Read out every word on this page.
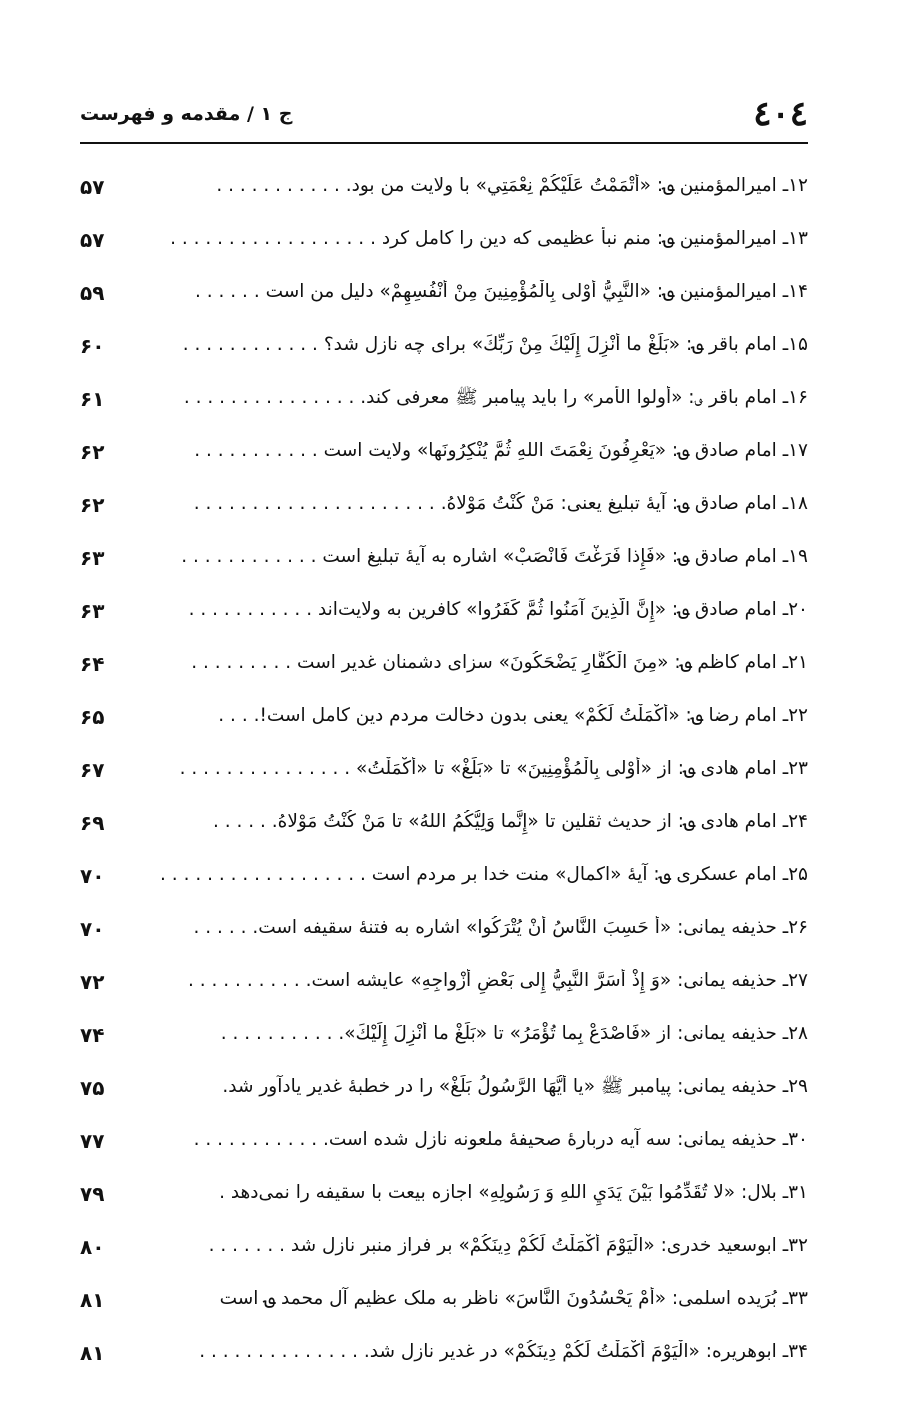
٤٠٤
ج ۱ / مقدمه و فهرست
۱۲ـ امیرالمؤمنین ؈: «أَتْمَمْتُ عَلَيْكُمْ نِعْمَتِي» با ولایت من بود. . . . . . . . . . . .
۵۷
۱۳ـ امیرالمؤمنین ؈: منم نبأ عظیمی که دین را کامل کرد . . . . . . . . . . . . . . . . . .
۵۷
۱۴ـ امیرالمؤمنین ؈: «النَّبِيُّ أَوْلى بِالْمُؤْمِنِينَ مِنْ أَنْفُسِهِمْ» دلیل من است . . . . . .
۵۹
۱۵ـ امام باقر ؈: «بَلِّغْ ما أُنْزِلَ إِلَيْكَ مِنْ رَبِّكَ» برای چه نازل شد؟ . . . . . . . . . . . .
۶۰
۱۶ـ امام باقر ؈: «أولوا الأمر» را باید پیامبر ﷺ معرفی کند. . . . . . . . . . . . . . . .
۶۱
۱۷ـ امام صادق ؈: «يَعْرِفُونَ نِعْمَتَ اللهِ ثُمَّ يُنْكِرُونَها» ولایت است . . . . . . . . . . .
۶۲
۱۸ـ امام صادق ؈: آیهٔ تبلیغ یعنی: مَنْ كُنْتُ مَوْلاهُ. . . . . . . . . . . . . . . . . . . . . .
۶۲
۱۹ـ امام صادق ؈: «فَإِذا فَرَغْتَ فَانْصَبْ» اشاره به آیهٔ تبلیغ است . . . . . . . . . . . .
۶۳
۲۰ـ امام صادق ؈: «إِنَّ الَّذِينَ آمَنُوا ثُمَّ كَفَرُوا» کافرین به ولایت‌اند . . . . . . . . . . .
۶۳
۲۱ـ امام کاظم ؈: «مِنَ الْكُفَّارِ يَضْحَكُونَ» سزای دشمنان غدیر است . . . . . . . . .
۶۴
۲۲ـ امام رضا ؈: «أَكْمَلْتُ لَكُمْ» یعنی بدون دخالت مردم دین کامل است!. . . .
۶۵
۲۳ـ امام هادی ؈: از «أَوْلى بِالْمُؤْمِنِينَ» تا «بَلِّغْ» تا «أَكْمَلْتُ» . . . . . . . . . . . . . . .
۶۷
۲۴ـ امام هادی ؈: از حدیث ثقلین تا «إِنَّما وَلِيُّكُمُ اللهُ» تا مَنْ كُنْتُ مَوْلاهُ. . . . . .
۶۹
۲۵ـ امام عسکری ؈: آیهٔ «اکمال» منت خدا بر مردم است . . . . . . . . . . . . . . . . . .
۷۰
۲۶ـ حذیفه یمانی: «أَ حَسِبَ النَّاسُ أَنْ يُتْرَكُوا» اشاره به فتنهٔ سقیفه است. . . . . .
۷۰
۲۷ـ حذیفه یمانی: «وَ إِذْ أَسَرَّ النَّبِيُّ إِلى بَعْضِ أَزْواجِهِ» عایشه است. . . . . . . . . . .
۷۲
۲۸ـ حذیفه یمانی: از «فَاصْدَعْ بِما تُؤْمَرُ» تا «بَلِّغْ ما أُنْزِلَ إِلَيْكَ». . . . . . . . . . .
۷۴
۲۹ـ حذیفه یمانی: پیامبر ﷺ «يا أَيُّهَا الرَّسُولُ بَلِّغْ» را در خطبهٔ غدیر یادآور شد.
۷۵
۳۰ـ حذیفه یمانی: سه آیه دربارهٔ صحیفهٔ ملعونه نازل شده است. . . . . . . . . . . .
۷۷
۳۱ـ بلال: «لا تُقَدِّمُوا بَيْنَ يَدَيِ اللهِ وَ رَسُولِهِ» اجازه بیعت با سقیفه را نمی‌دهد .
۷۹
۳۲ـ ابوسعید خدری: «الْيَوْمَ أَكْمَلْتُ لَكُمْ دِينَكُمْ» بر فراز منبر نازل شد . . . . . . .
۸۰
۳۳ـ بُرَیده اسلمی: «أَمْ يَحْسُدُونَ النَّاسَ» ناظر به ملک عظیم آل محمد ؈ است
۸۱
۳۴ـ ابوهریره: «الْيَوْمَ أَكْمَلْتُ لَكُمْ دِينَكُمْ» در غدیر نازل شد. . . . . . . . . . . . . . .
۸۱
